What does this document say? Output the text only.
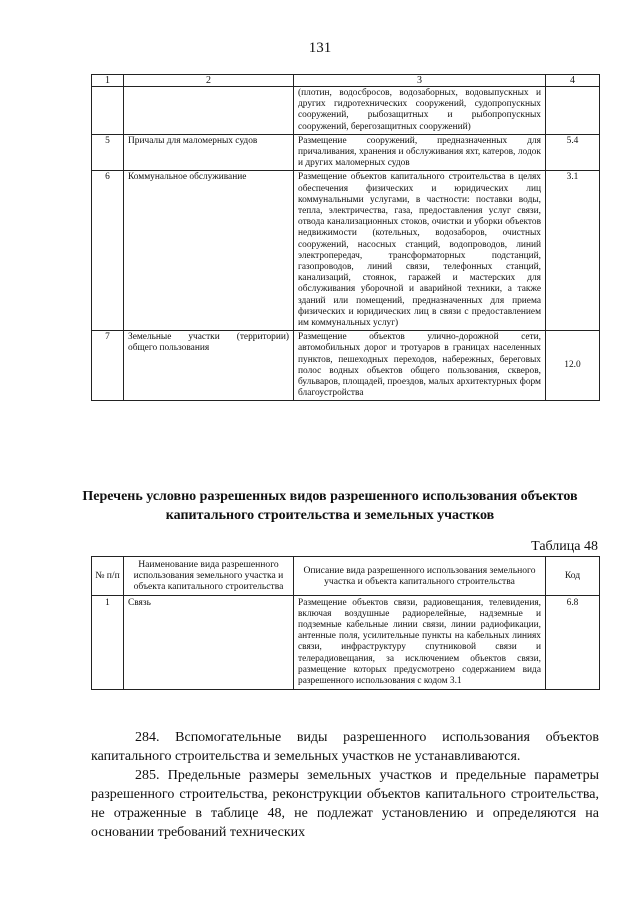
131
1	2	3	4
		(плотин, водосбросов, водозаборных, водовыпускных и других гидротехнических сооружений, судопропускных сооружений, рыбозащитных и рыбопропускных сооружений, берегозащитных сооружений)	
5	Причалы для маломерных судов	Размещение сооружений, предназначенных для причаливания, хранения и обслуживания яхт, катеров, лодок и других маломерных судов	5.4
6	Коммунальное обслуживание	Размещение объектов капитального строительства в целях обеспечения физических и юридических лиц коммунальными услугами, в частности: поставки воды, тепла, электричества, газа, предоставления услуг связи, отвода канализационных стоков, очистки и уборки объектов недвижимости (котельных, водозаборов, очистных сооружений, насосных станций, водопроводов, линий электропередач, трансформаторных подстанций, газопроводов, линий связи, телефонных станций, канализаций, стоянок, гаражей и мастерских для обслуживания уборочной и аварийной техники, а также зданий или помещений, предназначенных для приема физических и юридических лиц в связи с предоставлением им коммунальных услуг)	3.1
7	Земельные участки (территории) общего пользования	Размещение объектов улично-дорожной сети, автомобильных дорог и тротуаров в границах населенных пунктов, пешеходных переходов, набережных, береговых полос водных объектов общего пользования, скверов, бульваров, площадей, проездов, малых архитектурных форм благоустройства	12.0
Перечень условно разрешенных видов разрешенного использования объектов капитального строительства и земельных участков
Таблица 48
№ п/п	Наименование вида разрешенного использования земельного участка и объекта капитального строительства	Описание вида разрешенного использования земельного участка и объекта капитального строительства	Код
1	Связь	Размещение объектов связи, радиовещания, телевидения, включая воздушные радиорелейные, надземные и подземные кабельные линии связи, линии радиофикации, антенные поля, усилительные пункты на кабельных линиях связи, инфраструктуру спутниковой связи и телерадиовещания, за исключением объектов связи, размещение которых предусмотрено содержанием вида разрешенного использования с кодом 3.1	6.8

284. Вспомогательные виды разрешенного использования объектов капитального строительства и земельных участков не устанавливаются.

285. Предельные размеры земельных участков и предельные параметры разрешенного строительства, реконструкции объектов капитального строительства, не отраженные в таблице 48, не подлежат установлению и определяются на основании требований технических
